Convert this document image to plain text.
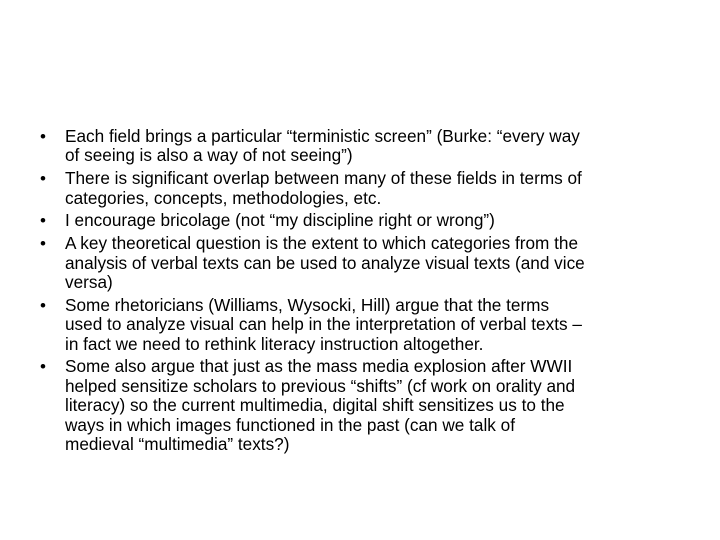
• Each field brings a particular “terministic screen” (Burke: “every way
of seeing is also a way of not seeing”)
• There is significant overlap between many of these fields in terms of
categories, concepts, methodologies, etc.
• I encourage bricolage (not “my discipline right or wrong”)
• A key theoretical question is the extent to which categories from the
analysis of verbal texts can be used to analyze visual texts (and vice
versa)
• Some rhetoricians (Williams, Wysocki, Hill) argue that the terms
used to analyze visual can help in the interpretation of verbal texts –
in fact we need to rethink literacy instruction altogether.
• Some also argue that just as the mass media explosion after WWII
helped sensitize scholars to previous “shifts” (cf work on orality and
literacy) so the current multimedia, digital shift sensitizes us to the
ways in which images functioned in the past (can we talk of
medieval “multimedia” texts?)
